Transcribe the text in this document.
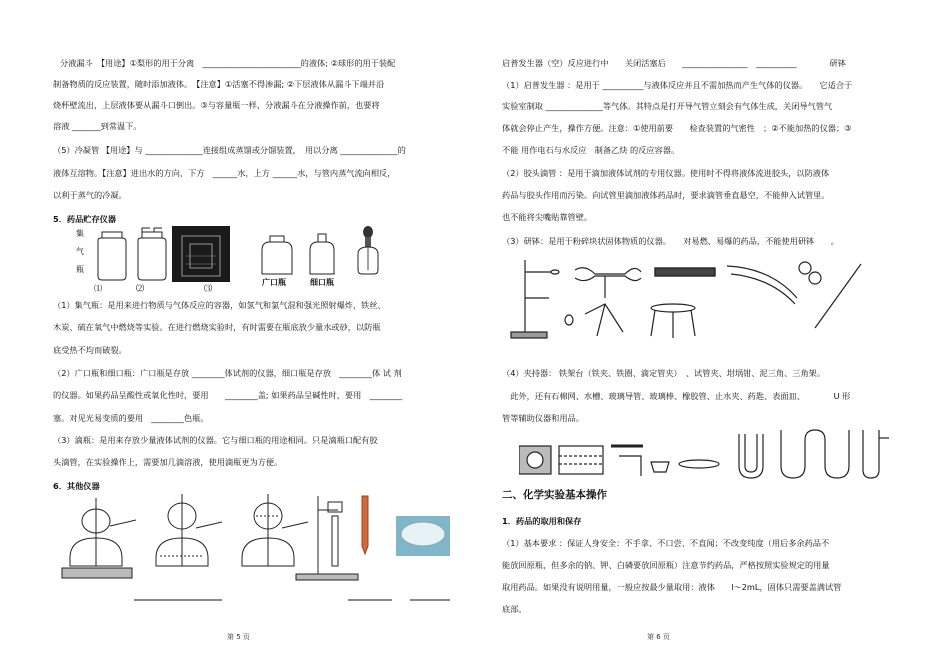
分液漏斗　【用途】①梨形的用于分离　________________________的液体; ②球形的用于装配
制备物质的反应装置，随时添加液体。　【注意】①活塞不得渗漏; ②下层液体从漏斗下端并沿
烧杯壁流出，上层液体要从漏斗口倒出。③与容量瓶一样，分液漏斗在分液操作前，也要将
溶液 _______到常温下。
（5）冷凝管 【用途】与 ______________连接组成蒸馏或分馏装置，　用以分离 ______________的
液体互溶物。【注意】进出水的方向，下方　______水，上方 ______水，与管内蒸气流向相反，
以利于蒸气的冷凝。
5．药品贮存仪器
集
气
瓶
⑴	⑵	⑶
广口瓶	细口瓶
（1）集气瓶：是用来进行物质与气体反应的容器，如氢气和氯气混和强光照射爆炸，铁丝、
木炭、硫在氧气中燃烧等实验。在进行燃烧实验时，有时需要在瓶底放少量水或砂，以防瓶
底受热不均而破裂。
（2）广口瓶和细口瓶：广口瓶是存放 ________体试剂的仪器，细口瓶是存放　________体 试 剂
的仪器。如果药品呈酸性或氧化性时，要用　　________盖; 如果药品呈碱性时，要用　________
塞。对见光易变质的要用　________色瓶。
（3）滴瓶：是用来存放少量液体试剂的仪器。它与细口瓶的用途相同。只是滴瓶口配有胶
头滴管，在实验操作上，需要加几滴溶液，使用滴瓶更为方便。
6．其他仪器
第 5 页
启普发生器（空）反应进行中　　关闭活塞后　　________________　__________　　　　研钵
（1）启普发生器 ：是用于 __________与液体反应并且不需加热而产生气体的仪器。　　它适合于
实验室制取 ______________等气体。其特点是打开导气管立刻会有气体生成，关闭导气管气
体就会停止产生，操作方便。注意：①使用前要　　检查装置的气密性　；②不能加热的仪器；③
不能 用作电石与水反应　制备乙炔 的反应容器。
（2）胶头滴管 ：是用于滴加液体试剂的专用仪器。使用时不得将液体流进胶头，以防液体
药品与胶头作用而污染。向试管里滴加液体药品时，要求滴管垂直悬空，不能伸入试管里。
也不能将尖嘴贴靠管壁。
（3）研钵：是用于粉碎块状固体物质的仪器。　　对易燃、易爆的药品，不能使用研钵　　。
（4）夹持器： 铁架台（铁夹、铁圈、滴定管夹）　、试管夹、坩埚钳、泥三角、三角架。
　此外，还有石棉网、水槽、玻璃导管、玻璃棒、橡胶管、止水夹、药匙、表面皿、　　　　U 形
管等辅助仪器和用品。
二、化学实验基本操作
1．药品的取用和保存
（1）基本要求 ：保证人身安全：不手拿、不口尝、不直闻；不改变纯度（用后多余药品不
能放回原瓶，但多余的钠、钾、白磷要放回原瓶）注意节约药品，严格按照实验规定的用量
取用药品。如果没有说明用量，一般应按最少量取用：液体　　l～2mL，固体只需要盖满试管
底部。
第 6 页
